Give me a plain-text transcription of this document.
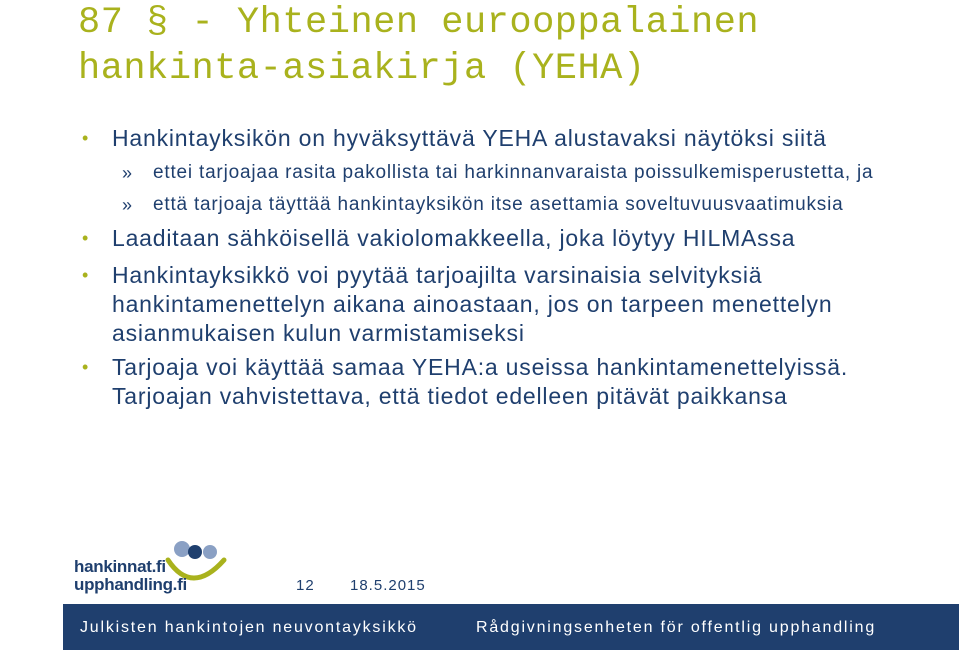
87 § - Yhteinen eurooppalainen
hankinta-asiakirja (YEHA)
• Hankintayksikön on hyväksyttävä YEHA alustavaksi näytöksi siitä
» ettei tarjoajaa rasita pakollista tai harkinnanvaraista poissulkemisperustetta, ja
» että tarjoaja täyttää hankintayksikön itse asettamia soveltuvuusvaatimuksia
• Laaditaan sähköisellä vakiolomakkeella, joka löytyy HILMAssa
• Hankintayksikkö voi pyytää tarjoajilta varsinaisia selvityksiä hankintamenettelyn aikana ainoastaan, jos on tarpeen menettelyn asianmukaisen kulun varmistamiseksi
• Tarjoaja voi käyttää samaa YEHA:a useissa hankintamenettelyissä. Tarjoajan vahvistettava, että tiedot edelleen pitävät paikkansa
hankinnat.fi
upphandling.fi	12 18.5.2015
Julkisten hankintojen neuvontayksikkö	Rådgivningsenheten för offentlig upphandling
